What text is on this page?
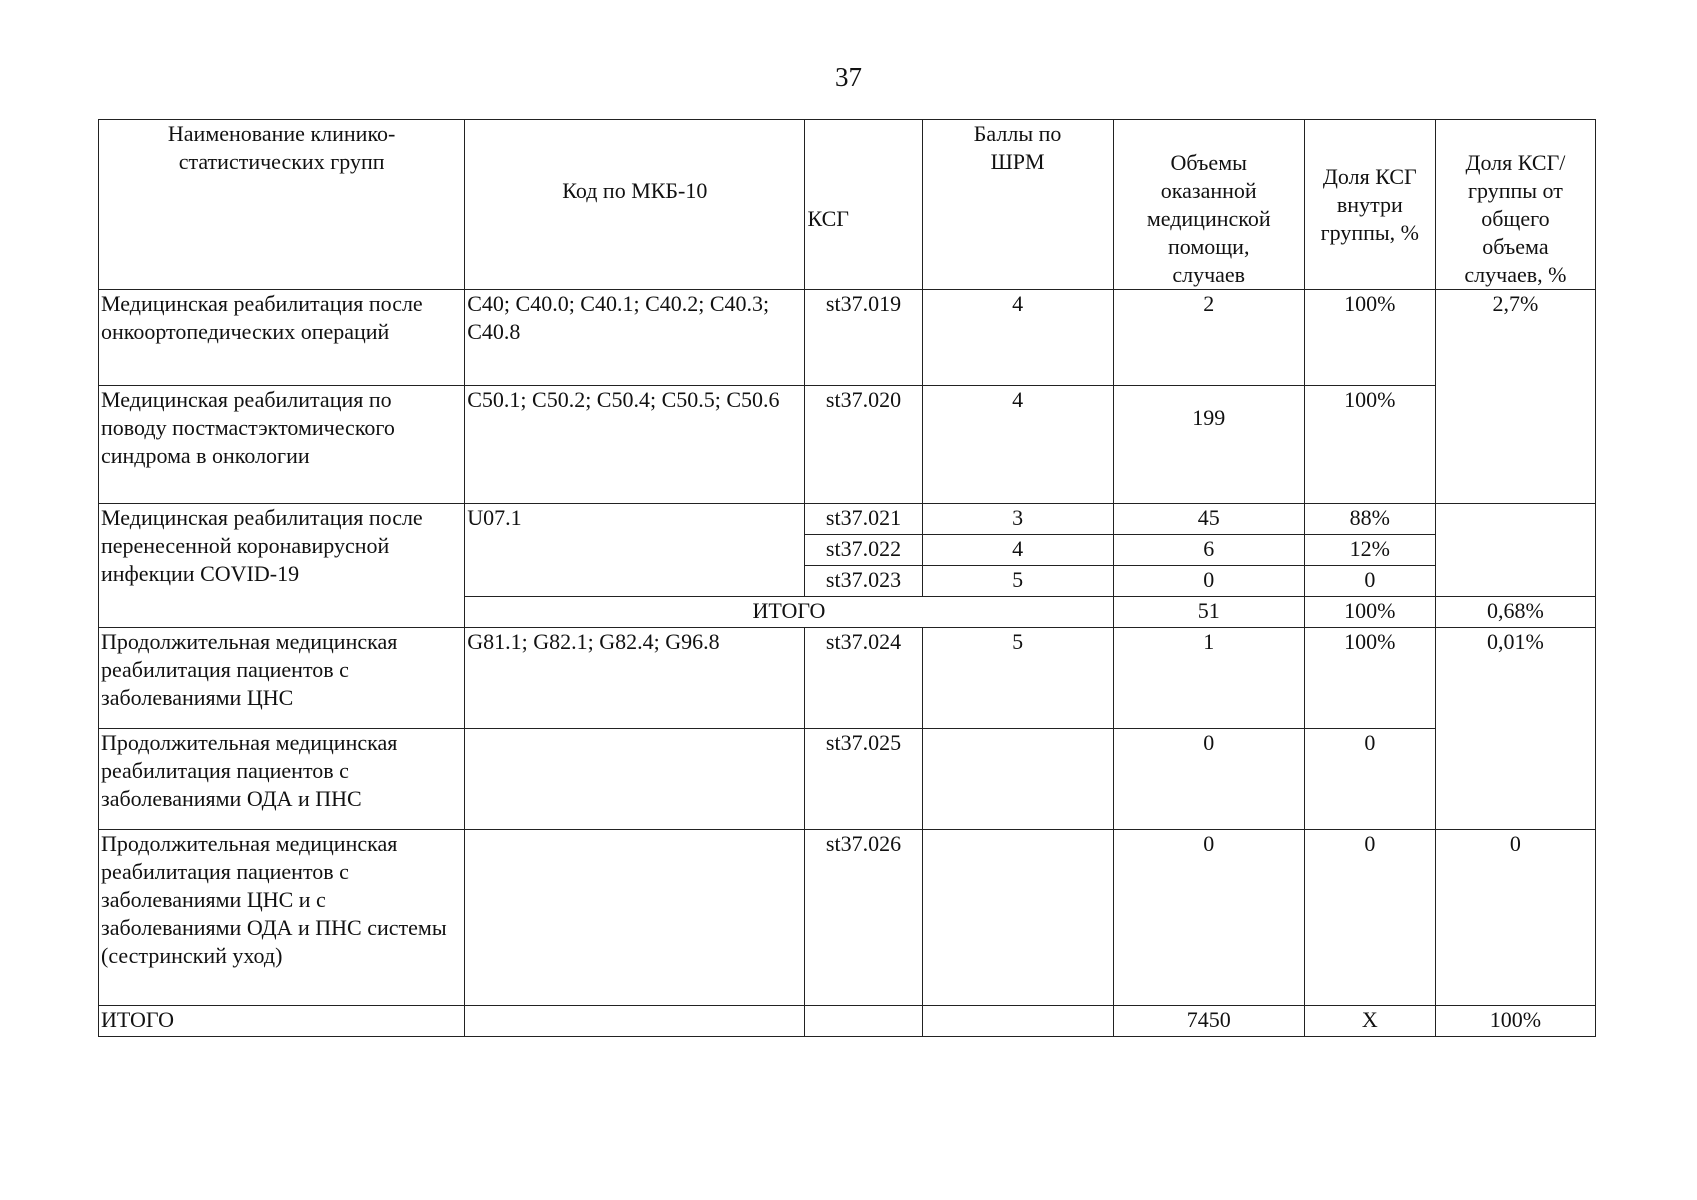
37
Наименование клинико-статистических групп	Код по МКБ-10	КСГ	Баллы по ШРМ	Объемы оказанной медицинской помощи, случаев	Доля КСГ внутри группы, %	Доля КСГ/группы от общего объема случаев, %
Медицинская реабилитация после онкоортопедических операций	C40; C40.0; C40.1; C40.2; C40.3; C40.8	st37.019	4	2	100%	2,7%
Медицинская реабилитация по поводу постмастэктомического синдрома в онкологии	C50.1; C50.2; C50.4; C50.5; C50.6	st37.020	4	199	100%	
Медицинская реабилитация после перенесенной коронавирусной инфекции COVID-19	U07.1	st37.021	3	45	88%	
		st37.022	4	6	12%	
		st37.023	5	0	0	
	ИТОГО			51	100%	0,68%
Продолжительная медицинская реабилитация пациентов с заболеваниями ЦНС	G81.1; G82.1; G82.4; G96.8	st37.024	5	1	100%	0,01%
Продолжительная медицинская реабилитация пациентов с заболеваниями ОДА и ПНС		st37.025		0	0	
Продолжительная медицинская реабилитация пациентов с заболеваниями ЦНС и с заболеваниями ОДА и ПНС системы (сестринский уход)		st37.026		0	0	0
ИТОГО				7450	X	100%
